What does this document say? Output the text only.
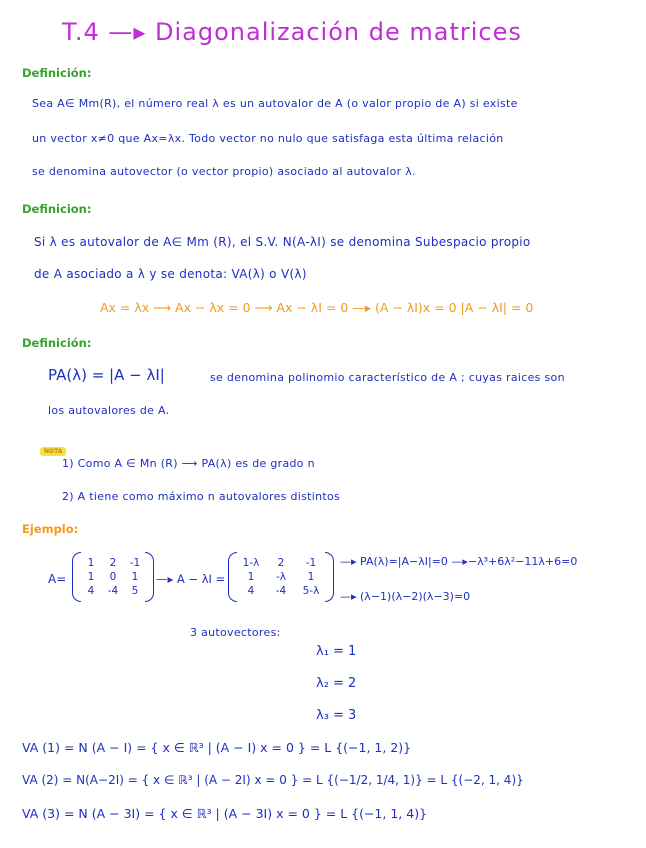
T.4 —▸ Diagonalización de matrices
Definición:
Sea A∈ Mm(R), el número real λ es un autovalor de A (o valor propio de A) si existe
un vector x≠0 que Ax=λx. Todo vector no nulo que satisfaga esta última relación
se denomina autovector (o vector propio) asociado al autovalor λ.
Definicion:
Si λ es autovalor de A∈ Mm (R), el S.V. N(A-λI) se denomina Subespacio propio
de A asociado a λ y se denota: VA(λ) o V(λ)
Ax = λx ⟶ Ax − λx = 0 ⟶ Ax − λI = 0 —▸ (A − λI)x = 0 |A − λI| = 0
Definición:
PA(λ) = |A − λI|	se denomina polinomio característico de A ; cuyas raices son
los autovalores de A.
NOTA
1) Como A ∈ Mn (R) ⟶ PA(λ) es de grado n
2) A tiene como máximo n autovalores distintos
Ejemplo:
A=
1 2 -1
1 0 1
4 -4 5
—▸ A − λI =
1-λ 2 -1
1 -λ 1
4 -4 5-λ
—▸ PA(λ)=|A−λI|=0 —▸−λ³+6λ²−11λ+6=0
—▸ (λ−1)(λ−2)(λ−3)=0
3 autovectores:
λ₁ = 1
λ₂ = 2
λ₃ = 3
VA (1) = N (A − I) = { x ∈ ℝ³ | (A − I) x = 0 } = L {(−1, 1, 2)}
VA (2) = N(A−2I) = { x ∈ ℝ³ | (A − 2I) x = 0 } = L {(−1/2, 1/4, 1)} = L {(−2, 1, 4)}
VA (3) = N (A − 3I) = { x ∈ ℝ³ | (A − 3I) x = 0 } = L {(−1, 1, 4)}
